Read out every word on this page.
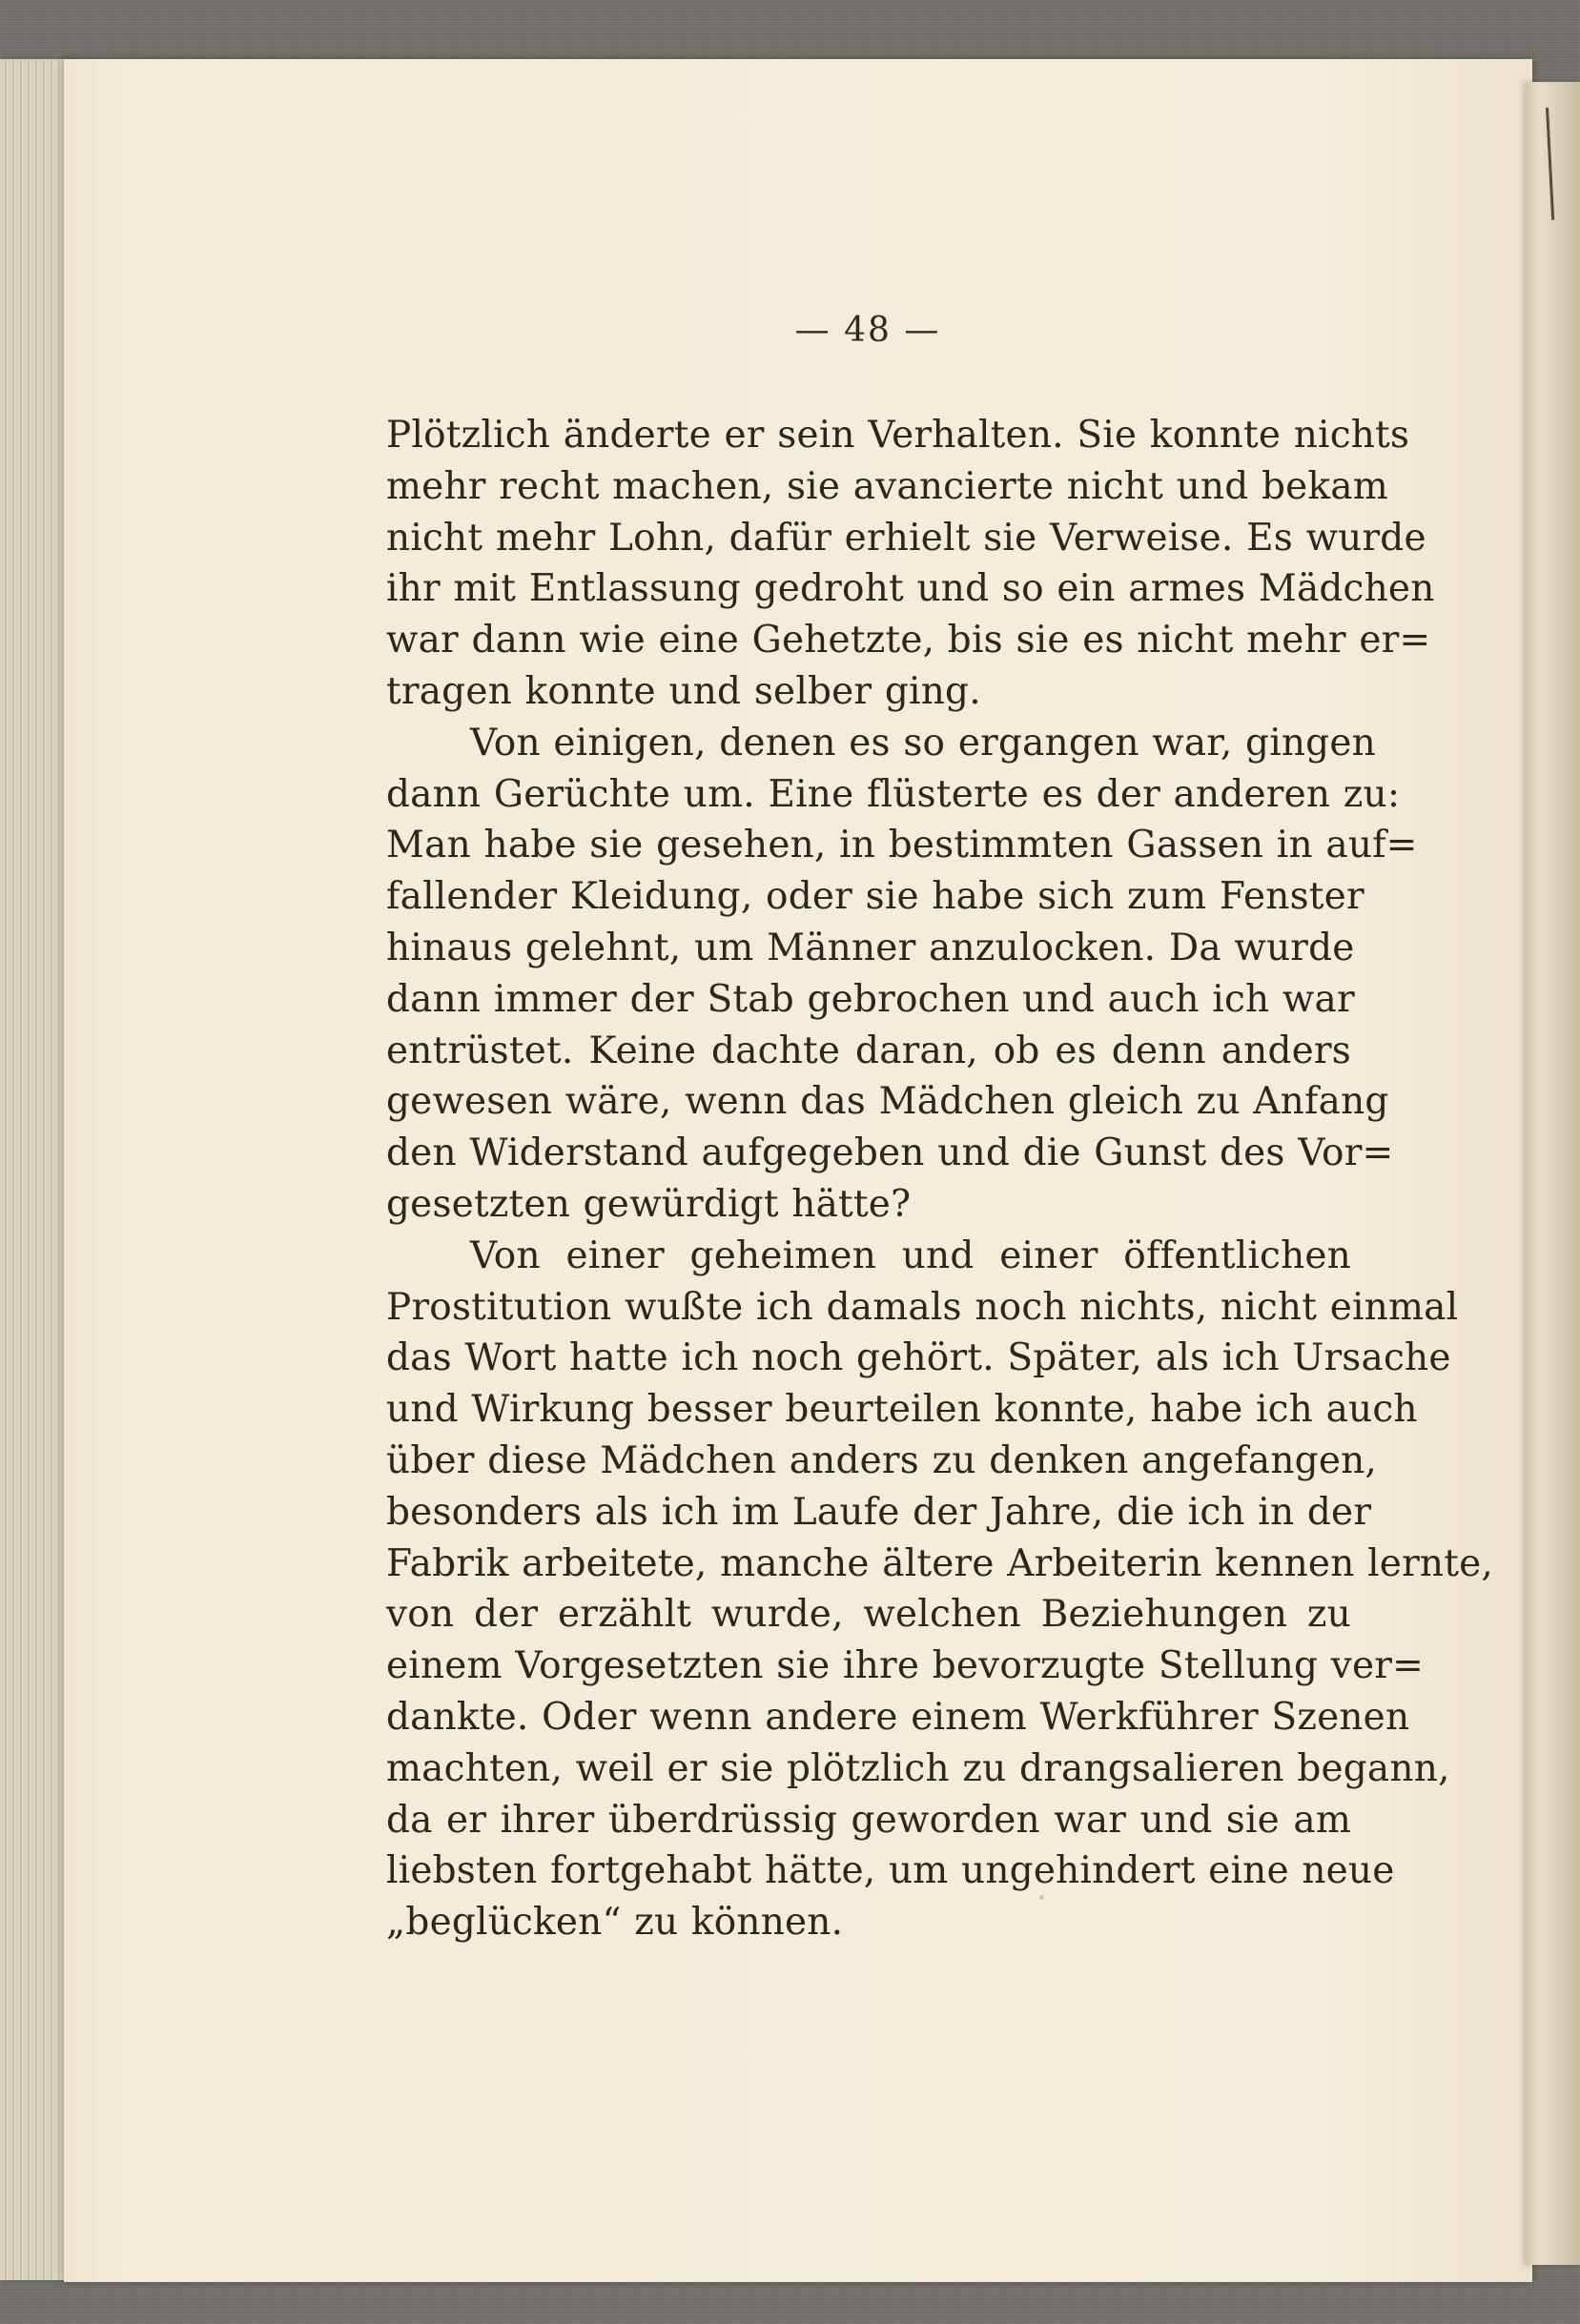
— 48 —
Plötzlich änderte er sein Verhalten. Sie konnte nichts
mehr recht machen, sie avancierte nicht und bekam
nicht mehr Lohn, dafür erhielt sie Verweise. Es wurde
ihr mit Entlassung gedroht und so ein armes Mädchen
war dann wie eine Gehetzte, bis sie es nicht mehr er=
tragen konnte und selber ging.
Von einigen, denen es so ergangen war, gingen
dann Gerüchte um. Eine flüsterte es der anderen zu:
Man habe sie gesehen, in bestimmten Gassen in auf=
fallender Kleidung, oder sie habe sich zum Fenster
hinaus gelehnt, um Männer anzulocken. Da wurde
dann immer der Stab gebrochen und auch ich war
entrüstet. Keine dachte daran, ob es denn anders
gewesen wäre, wenn das Mädchen gleich zu Anfang
den Widerstand aufgegeben und die Gunst des Vor=
gesetzten gewürdigt hätte?
Von einer geheimen und einer öffentlichen
Prostitution wußte ich damals noch nichts, nicht einmal
das Wort hatte ich noch gehört. Später, als ich Ursache
und Wirkung besser beurteilen konnte, habe ich auch
über diese Mädchen anders zu denken angefangen,
besonders als ich im Laufe der Jahre, die ich in der
Fabrik arbeitete, manche ältere Arbeiterin kennen lernte,
von der erzählt wurde, welchen Beziehungen zu
einem Vorgesetzten sie ihre bevorzugte Stellung ver=
dankte. Oder wenn andere einem Werkführer Szenen
machten, weil er sie plötzlich zu drangsalieren begann,
da er ihrer überdrüssig geworden war und sie am
liebsten fortgehabt hätte, um ungehindert eine neue
„beglücken“ zu können.
